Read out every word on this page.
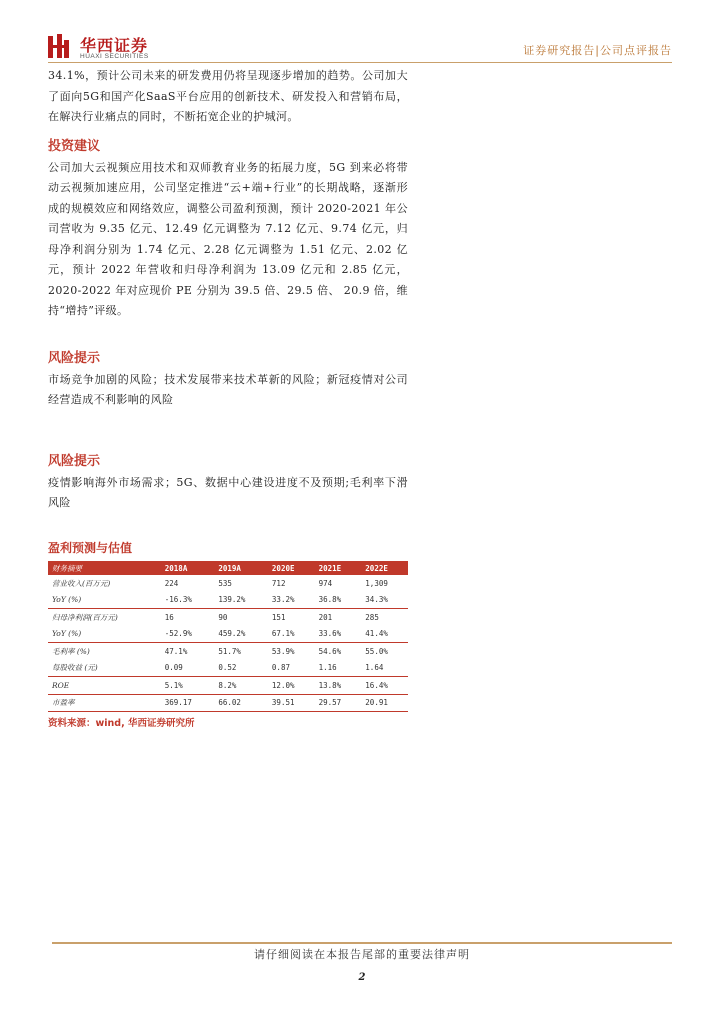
华西证券
HUAXI SECURITIES	证券研究报告|公司点评报告

34.1%，预计公司未来的研发费用仍将呈现逐步增加的趋势。公司加大了面向5G和国产化SaaS平台应用的创新技术、研发投入和营销布局，在解决行业痛点的同时，不断拓宽企业的护城河。

投资建议

公司加大云视频应用技术和双师教育业务的拓展力度，5G 到来必将带动云视频加速应用，公司坚定推进“云+端+行业”的长期战略，逐渐形成的规模效应和网络效应，调整公司盈利预测，预计 2020-2021 年公司营收为 9.35 亿元、12.49 亿元调整为 7.12 亿元、9.74 亿元，归母净利润分别为 1.74 亿元、2.28 亿元调整为 1.51 亿元、2.02 亿元，预计 2022 年营收和归母净利润为 13.09 亿元和 2.85 亿元，2020-2022 年对应现价 PE 分别为 39.5 倍、29.5 倍、 20.9 倍，维持“增持”评级。

风险提示

市场竞争加剧的风险；技术发展带来技术革新的风险；新冠疫情对公司经营造成不利影响的风险

风险提示

疫情影响海外市场需求；5G、数据中心建设进度不及预期;毛利率下滑风险

盈利预测与估值
财务摘要	2018A	2019A	2020E	2021E	2022E
营业收入(百万元)	224	535	712	974	1,309
YoY (%)	-16.3%	139.2%	33.2%	36.8%	34.3%
归母净利润(百万元)	16	90	151	201	285
YoY (%)	-52.9%	459.2%	67.1%	33.6%	41.4%
毛利率 (%)	47.1%	51.7%	53.9%	54.6%	55.0%
每股收益 (元)	0.09	0.52	0.87	1.16	1.64
ROE	5.1%	8.2%	12.0%	13.8%	16.4%
市盈率	369.17	66.02	39.51	29.57	20.91
资料来源：wind, 华西证券研究所
请仔细阅读在本报告尾部的重要法律声明
2
